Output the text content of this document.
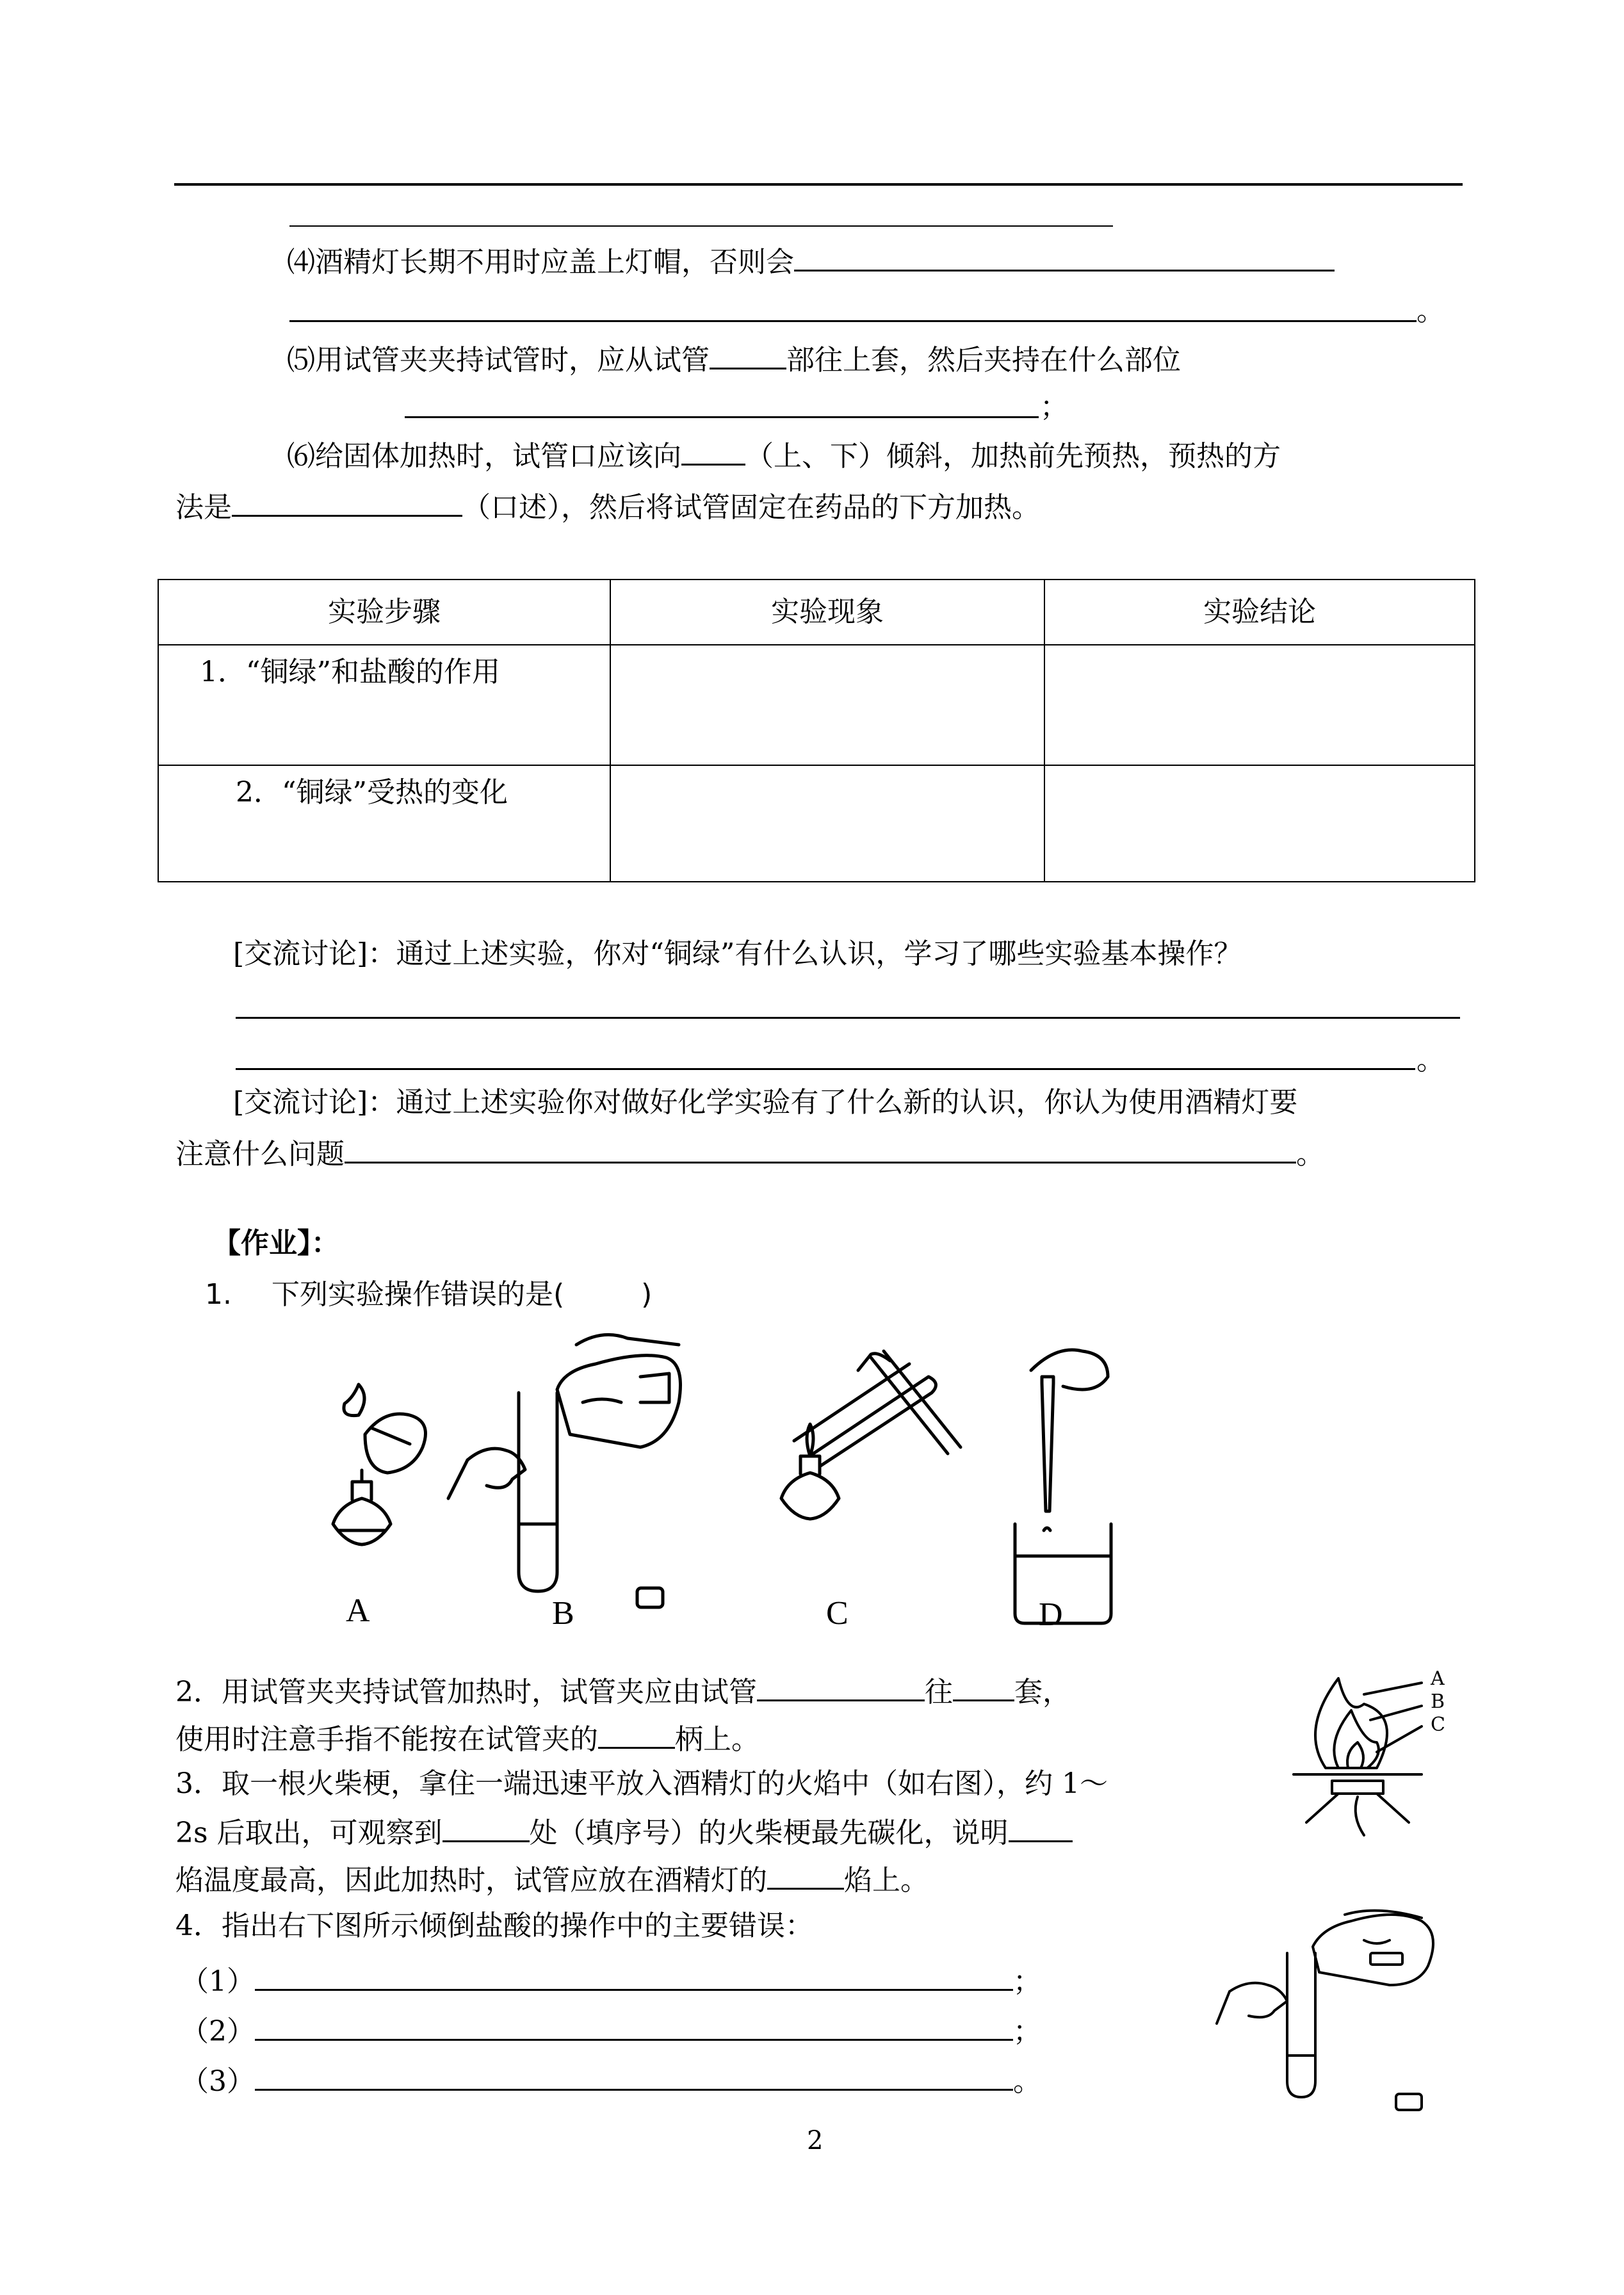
⑷酒精灯长期不用时应盖上灯帽，否则会
。
⑸用试管夹夹持试管时，应从试管	部往上套，然后夹持在什么部位
；
⑹给固体加热时，试管口应该向 （上、下）倾斜，加热前先预热，预热的方
法是	（口述），然后将试管固定在药品的下方加热。
实验步骤	实验现象	实验结论

1．“铜绿”和盐酸的作用		

2．“铜绿”受热的变化		

[交流讨论]：通过上述实验，你对“铜绿”有什么认识，学习了哪些实验基本操作？
。
[交流讨论]：通过上述实验你对做好化学实验有了什么新的认识，你认为使用酒精灯要
注意什么问题	。
【作业】：
1. 下列实验操作错误的是(	)
A	B	C	D
2．用试管夹夹持试管加热时，试管夹应由试管	往 套，
使用时注意手指不能按在试管夹的	柄上。
A
B
C
3．取一根火柴梗，拿住一端迅速平放入酒精灯的火焰中（如右图），约 1～
2s 后取出，可观察到	处（填序号）的火柴梗最先碳化，说明
焰温度最高，因此加热时，试管应放在酒精灯的	焰上。
4．指出右下图所示倾倒盐酸的操作中的主要错误：
（1）	；
（2）	；
（3）	。
2
